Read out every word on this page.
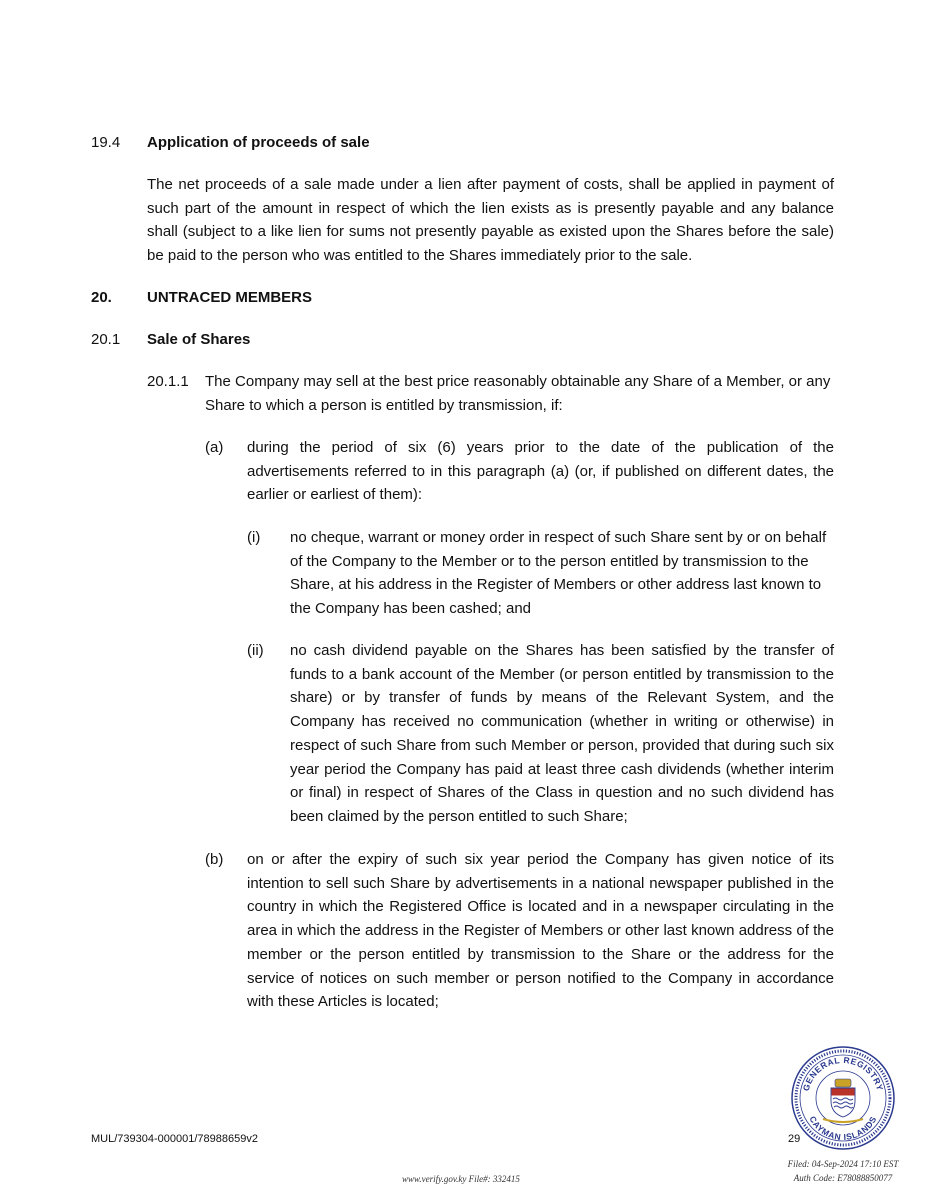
19.4 Application of proceeds of sale
The net proceeds of a sale made under a lien after payment of costs, shall be applied in payment of such part of the amount in respect of which the lien exists as is presently payable and any balance shall (subject to a like lien for sums not presently payable as existed upon the Shares before the sale) be paid to the person who was entitled to the Shares immediately prior to the sale.
20. UNTRACED MEMBERS
20.1 Sale of Shares
20.1.1 The Company may sell at the best price reasonably obtainable any Share of a Member, or any Share to which a person is entitled by transmission, if:
(a) during the period of six (6) years prior to the date of the publication of the advertisements referred to in this paragraph (a) (or, if published on different dates, the earlier or earliest of them):
(i) no cheque, warrant or money order in respect of such Share sent by or on behalf of the Company to the Member or to the person entitled by transmission to the Share, at his address in the Register of Members or other address last known to the Company has been cashed; and
(ii) no cash dividend payable on the Shares has been satisfied by the transfer of funds to a bank account of the Member (or person entitled by transmission to the share) or by transfer of funds by means of the Relevant System, and the Company has received no communication (whether in writing or otherwise) in respect of such Share from such Member or person, provided that during such six year period the Company has paid at least three cash dividends (whether interim or final) in respect of Shares of the Class in question and no such dividend has been claimed by the person entitled to such Share;
(b) on or after the expiry of such six year period the Company has given notice of its intention to sell such Share by advertisements in a national newspaper published in the country in which the Registered Office is located and in a newspaper circulating in the area in which the address in the Register of Members or other last known address of the member or the person entitled by transmission to the Share or the address for the service of notices on such member or person notified to the Company in accordance with these Articles is located;
MUL/739304-000001/78988659v2	29
www.verify.gov.ky File#: 332415
Filed: 04-Sep-2024 17:10 EST
Auth Code: E78088850077
GENERAL REGISTRY
CAYMAN ISLANDS
